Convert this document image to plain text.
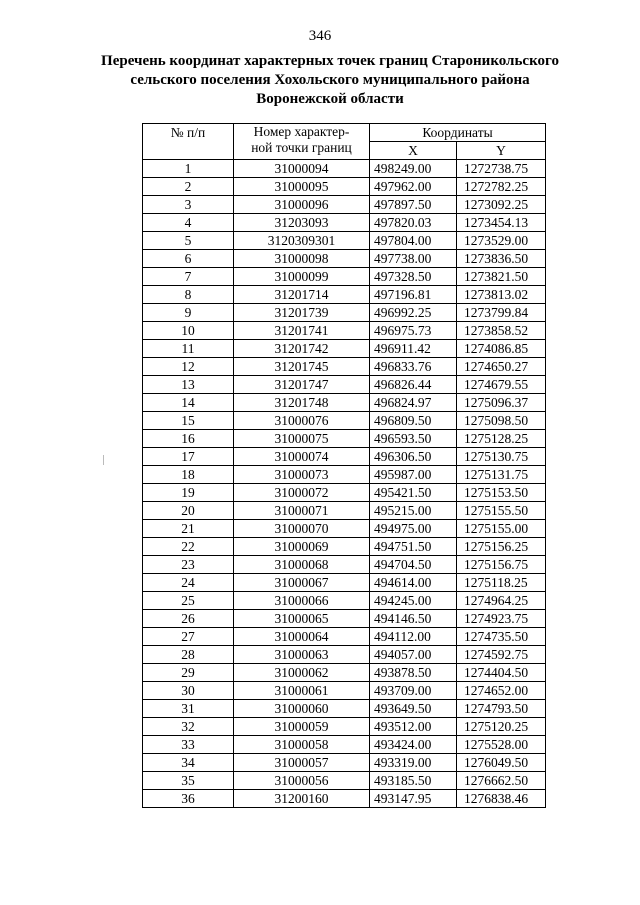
346
Перечень координат характерных точек границ Староникольского
сельского поселения Хохольского муниципального района
Воронежской области
№ п/п	Номер характер-
ной точки границ	Координаты	
		X	Y
1	31000094	498249.00	1272738.75
2	31000095	497962.00	1272782.25
3	31000096	497897.50	1273092.25
4	31203093	497820.03	1273454.13
5	3120309301	497804.00	1273529.00
6	31000098	497738.00	1273836.50
7	31000099	497328.50	1273821.50
8	31201714	497196.81	1273813.02
9	31201739	496992.25	1273799.84
10	31201741	496975.73	1273858.52
11	31201742	496911.42	1274086.85
12	31201745	496833.76	1274650.27
13	31201747	496826.44	1274679.55
14	31201748	496824.97	1275096.37
15	31000076	496809.50	1275098.50
16	31000075	496593.50	1275128.25
17	31000074	496306.50	1275130.75
18	31000073	495987.00	1275131.75
19	31000072	495421.50	1275153.50
20	31000071	495215.00	1275155.50
21	31000070	494975.00	1275155.00
22	31000069	494751.50	1275156.25
23	31000068	494704.50	1275156.75
24	31000067	494614.00	1275118.25
25	31000066	494245.00	1274964.25
26	31000065	494146.50	1274923.75
27	31000064	494112.00	1274735.50
28	31000063	494057.00	1274592.75
29	31000062	493878.50	1274404.50
30	31000061	493709.00	1274652.00
31	31000060	493649.50	1274793.50
32	31000059	493512.00	1275120.25
33	31000058	493424.00	1275528.00
34	31000057	493319.00	1276049.50
35	31000056	493185.50	1276662.50
36	31200160	493147.95	1276838.46
